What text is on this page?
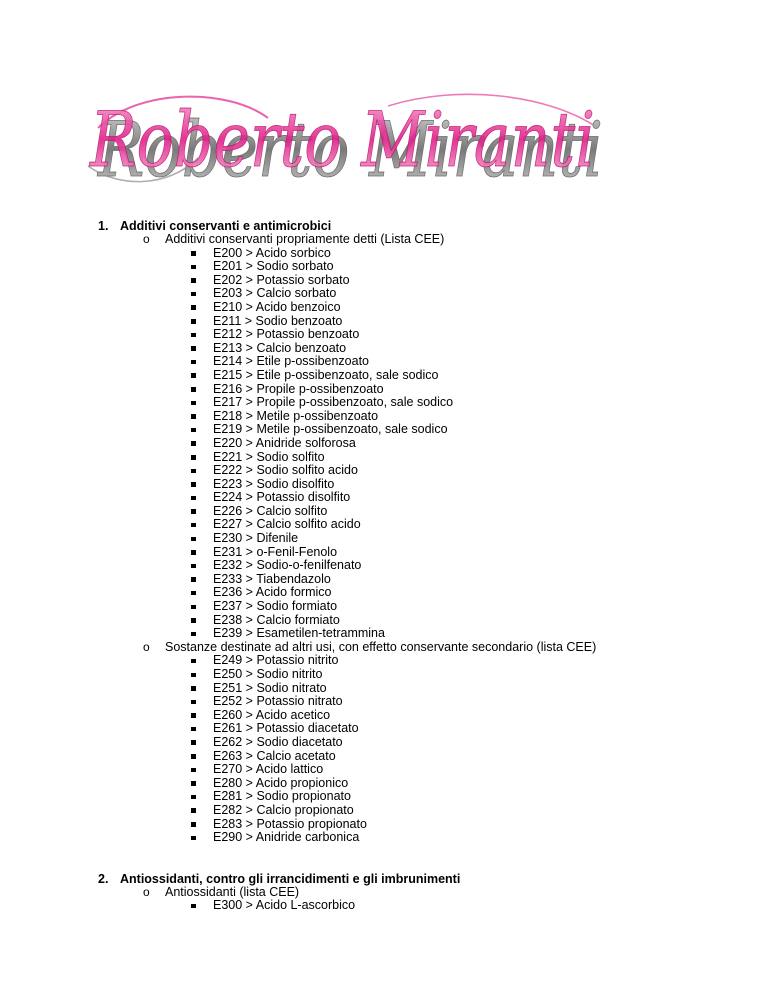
Roberto Miranti
Roberto Miranti
1. Additivi conservanti e antimicrobici
o Additivi conservanti propriamente detti (Lista CEE)
E200 > Acido sorbico
E201 > Sodio sorbato
E202 > Potassio sorbato
E203 > Calcio sorbato
E210 > Acido benzoico
E211 > Sodio benzoato
E212 > Potassio benzoato
E213 > Calcio benzoato
E214 > Etile p-ossibenzoato
E215 > Etile p-ossibenzoato, sale sodico
E216 > Propile p-ossibenzoato
E217 > Propile p-ossibenzoato, sale sodico
E218 > Metile p-ossibenzoato
E219 > Metile p-ossibenzoato, sale sodico
E220 > Anidride solforosa
E221 > Sodio solfito
E222 > Sodio solfito acido
E223 > Sodio disolfito
E224 > Potassio disolfito
E226 > Calcio solfito
E227 > Calcio solfito acido
E230 > Difenile
E231 > o-Fenil-Fenolo
E232 > Sodio-o-fenilfenato
E233 > Tiabendazolo
E236 > Acido formico
E237 > Sodio formiato
E238 > Calcio formiato
E239 > Esametilen-tetrammina
o Sostanze destinate ad altri usi, con effetto conservante secondario (lista CEE)
E249 > Potassio nitrito
E250 > Sodio nitrito
E251 > Sodio nitrato
E252 > Potassio nitrato
E260 > Acido acetico
E261 > Potassio diacetato
E262 > Sodio diacetato
E263 > Calcio acetato
E270 > Acido lattico
E280 > Acido propionico
E281 > Sodio propionato
E282 > Calcio propionato
E283 > Potassio propionato
E290 > Anidride carbonica
2. Antiossidanti, contro gli irrancidimenti e gli imbrunimenti
o Antiossidanti (lista CEE)
E300 > Acido L-ascorbico
